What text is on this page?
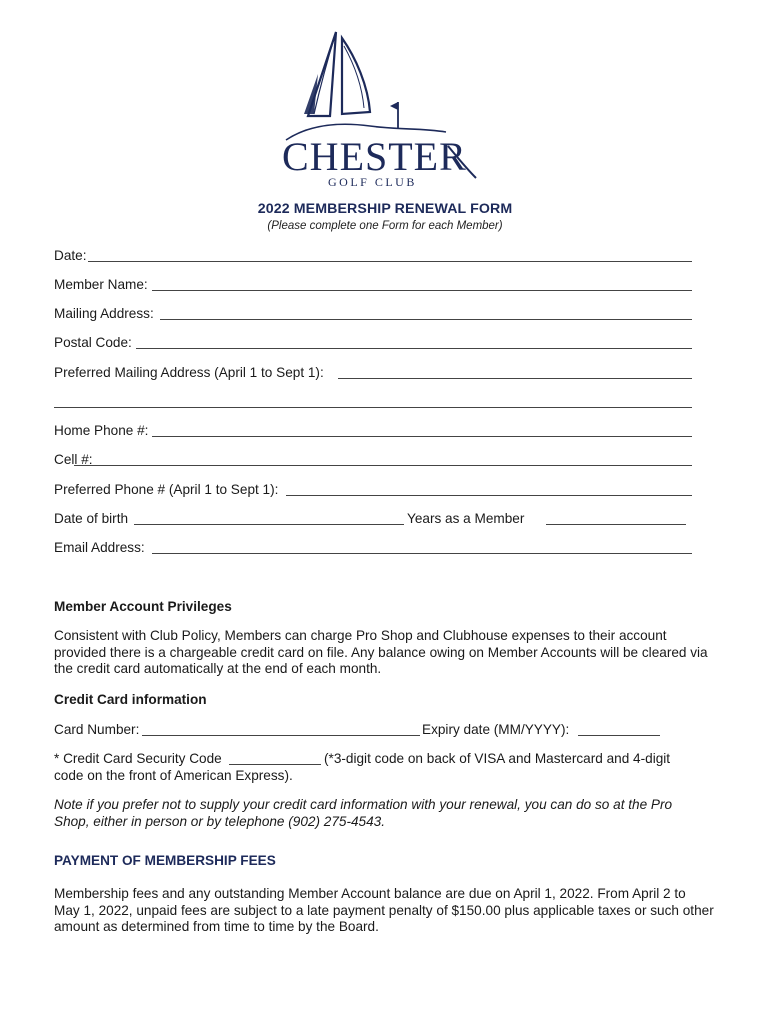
CHESTER
GOLF CLUB
2022 MEMBERSHIP RENEWAL FORM
(Please complete one Form for each Member)
Date:
Member Name:
Mailing Address:
Postal Code:
Preferred Mailing Address (April 1 to Sept 1):
Home Phone #:
Cell #:
Preferred Phone # (April 1 to Sept 1):
Date of birth	Years as a Member
Email Address:
Member Account Privileges
Consistent with Club Policy, Members can charge Pro Shop and Clubhouse expenses to their account provided there is a chargeable credit card on file. Any balance owing on Member Accounts will be cleared via the credit card automatically at the end of each month.
Credit Card information
Card Number:	Expiry date (MM/YYYY):
* Credit Card Security Code	(*3-digit code on back of VISA and Mastercard and 4-digit
code on the front of American Express).
Note if you prefer not to supply your credit card information with your renewal, you can do so at the Pro Shop, either in person or by telephone (902) 275-4543.
PAYMENT OF MEMBERSHIP FEES
Membership fees and any outstanding Member Account balance are due on April 1, 2022. From April 2 to May 1, 2022, unpaid fees are subject to a late payment penalty of $150.00 plus applicable taxes or such other amount as determined from time to time by the Board.
